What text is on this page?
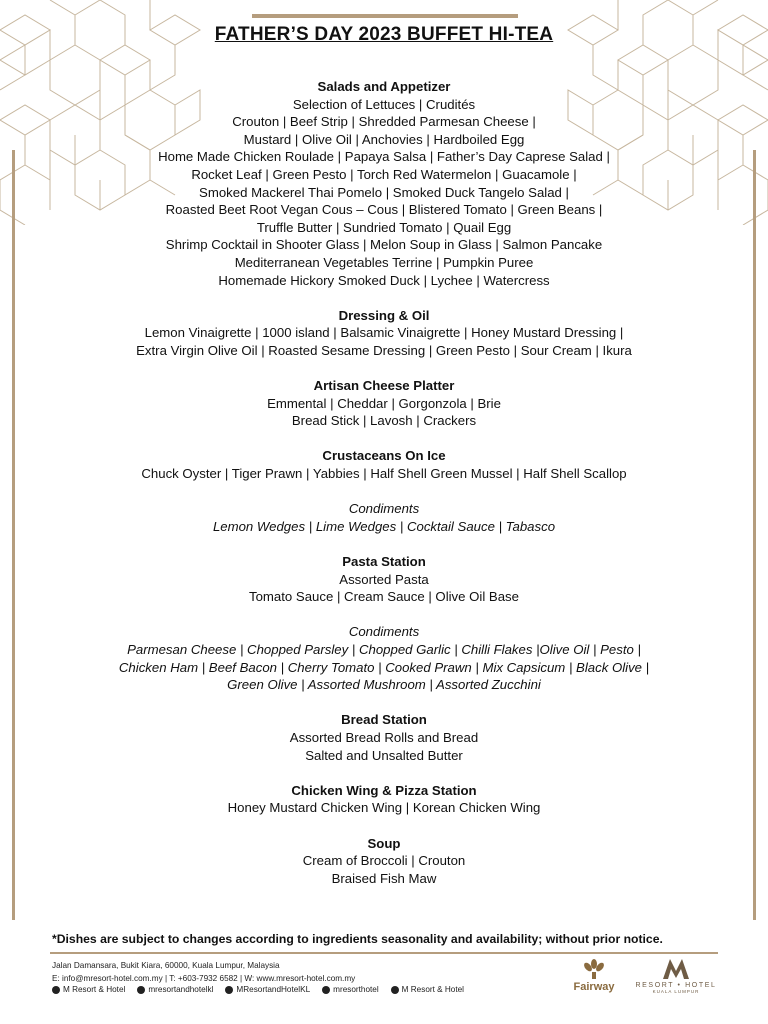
FATHER’S DAY 2023 BUFFET HI-TEA
Salads and Appetizer
Selection of Lettuces | Crudités
Crouton | Beef Strip | Shredded Parmesan Cheese |
Mustard | Olive Oil | Anchovies | Hardboiled Egg
Home Made Chicken Roulade | Papaya Salsa | Father’s Day Caprese Salad |
Rocket Leaf | Green Pesto | Torch Red Watermelon | Guacamole |
Smoked Mackerel Thai Pomelo | Smoked Duck Tangelo Salad |
Roasted Beet Root Vegan Cous – Cous | Blistered Tomato | Green Beans |
Truffle Butter | Sundried Tomato | Quail Egg
Shrimp Cocktail in Shooter Glass | Melon Soup in Glass | Salmon Pancake
Mediterranean Vegetables Terrine | Pumpkin Puree
Homemade Hickory Smoked Duck | Lychee | Watercress
Dressing & Oil
Lemon Vinaigrette | 1000 island | Balsamic Vinaigrette | Honey Mustard Dressing |
Extra Virgin Olive Oil | Roasted Sesame Dressing | Green Pesto | Sour Cream | Ikura
Artisan Cheese Platter
Emmental | Cheddar | Gorgonzola | Brie
Bread Stick | Lavosh | Crackers
Crustaceans On Ice
Chuck Oyster | Tiger Prawn | Yabbies | Half Shell Green Mussel | Half Shell Scallop
Condiments
Lemon Wedges | Lime Wedges | Cocktail Sauce | Tabasco
Pasta Station
Assorted Pasta
Tomato Sauce | Cream Sauce | Olive Oil Base
Condiments
Parmesan Cheese | Chopped Parsley | Chopped Garlic | Chilli Flakes |Olive Oil | Pesto |
Chicken Ham | Beef Bacon | Cherry Tomato | Cooked Prawn | Mix Capsicum | Black Olive |
Green Olive | Assorted Mushroom | Assorted Zucchini
Bread Station
Assorted Bread Rolls and Bread
Salted and Unsalted Butter
Chicken Wing & Pizza Station
Honey Mustard Chicken Wing | Korean Chicken Wing
Soup
Cream of Broccoli | Crouton
Braised Fish Maw
*Dishes are subject to changes according to ingredients seasonality and availability; without prior notice.
Jalan Damansara, Bukit Kiara, 60000, Kuala Lumpur, Malaysia
E: info@mresort-hotel.com.my | T: +603-7932 6582 | W: www.mresort-hotel.com.my
M Resort & Hotel	mresortandhotelkl	MResortandHotelKL	mresorthotel	M Resort & Hotel	Fairway	RESORT • HOTEL
KUALA LUMPUR
